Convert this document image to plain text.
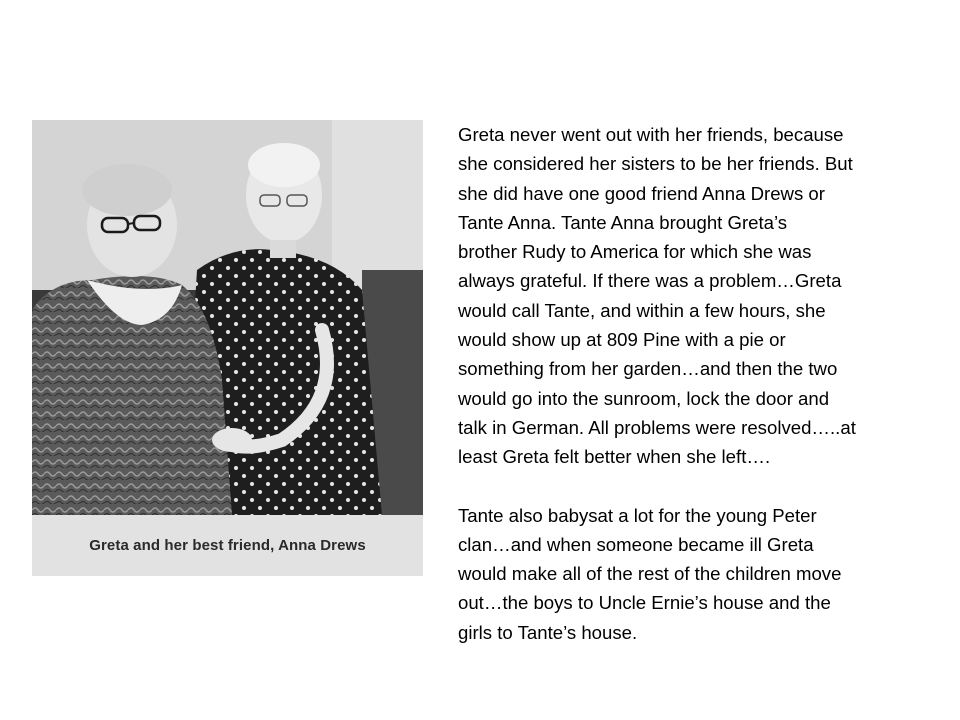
Greta and her best friend, Anna Drews

Greta never went out with her friends, because
she considered her sisters to be her friends. But
she did have one good friend Anna Drews or
Tante Anna. Tante Anna brought Greta’s
brother Rudy to America for which she was
always grateful. If there was a problem…Greta
would call Tante, and within a few hours, she
would show up at 809 Pine with a pie or
something from her garden…and then the two
would go into the sunroom, lock the door and
talk in German. All problems were resolved…..at
least Greta felt better when she left….

Tante also babysat a lot for the young Peter
clan…and when someone became ill Greta
would make all of the rest of the children move
out…the boys to Uncle Ernie’s house and the
girls to Tante’s house.
